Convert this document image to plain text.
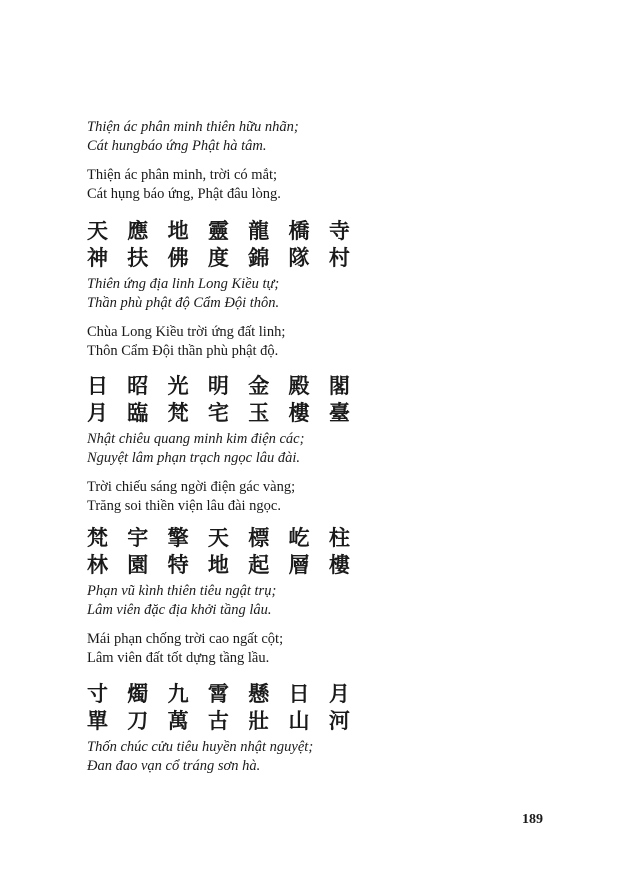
Thiện ác phân minh thiên hữu nhãn;

Cát hungbáo ứng Phật hà tâm.

Thiện ác phân minh, trời có mắt;

Cát hụng báo ứng, Phật đâu lòng.

天 應 地 靈 龍 橋 寺

神 扶 佛 度 錦 隊 村

Thiên ứng địa linh Long Kiều tự;

Thần phù phật độ Cẩm Đội thôn.

Chùa Long Kiều trời ứng đất linh;

Thôn Cẩm Đội thần phù phật độ.

日 昭 光 明 金 殿 閣

月 臨 梵 宅 玉 樓 臺

Nhật chiêu quang minh kim điện các;

Nguyệt lâm phạn trạch ngọc lâu đài.

Trời chiếu sáng ngời điện gác vàng;

Trăng soi thiền viện lâu đài ngọc.

梵 宇 擎 天 標 屹 柱

林 園 特 地 起 層 樓

Phạn vũ kình thiên tiêu ngật trụ;

Lâm viên đặc địa khởi tầng lâu.

Mái phạn chống trời cao ngất cột;

Lâm viên đất tốt dựng tầng lầu.

寸 燭 九 霄 懸 日 月

單 刀 萬 古 壯 山 河

Thốn chúc cửu tiêu huyền nhật nguyệt;

Đan đao vạn cổ tráng sơn hà.

189
